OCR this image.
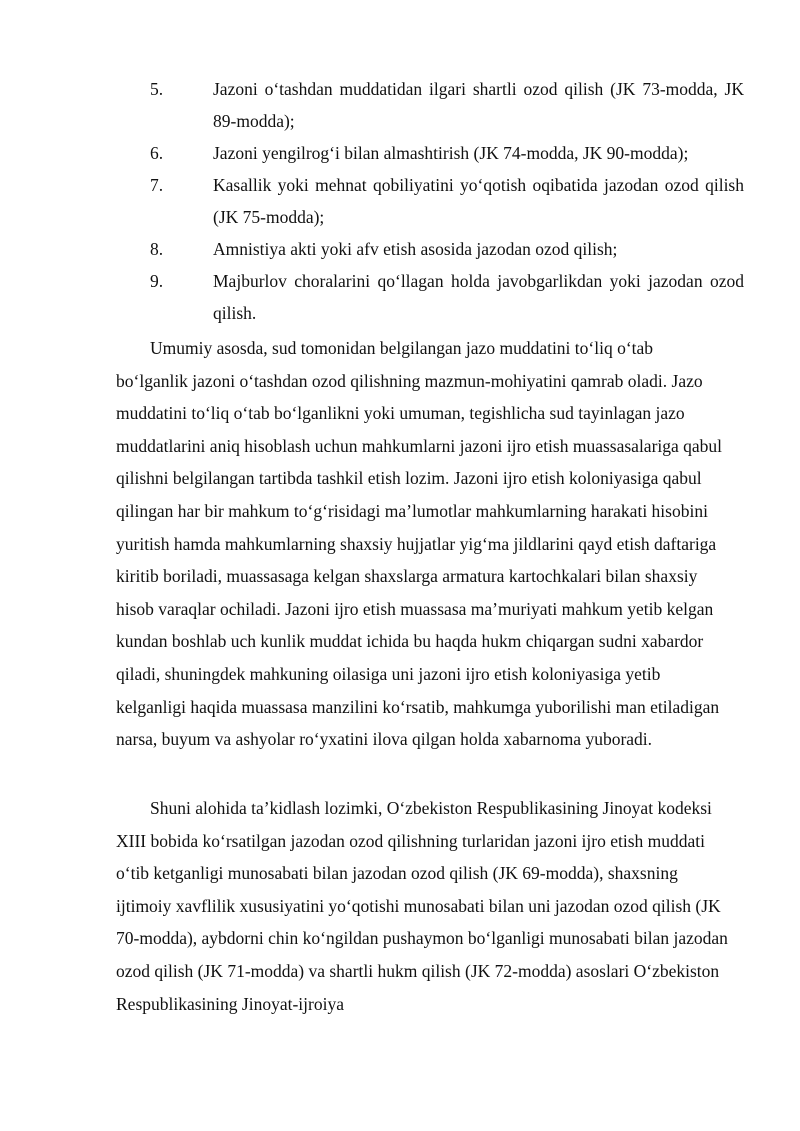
5.	Jazoni o‘tashdan muddatidan ilgari shartli ozod qilish (JK 73-modda, JK 89-modda);
6.	Jazoni yengilrog‘i bilan almashtirish (JK 74-modda, JK 90-modda);
7.	Kasallik yoki mehnat qobiliyatini yo‘qotish oqibatida jazodan ozod qilish (JK 75-modda);
8.	Amnistiya akti yoki afv etish asosida jazodan ozod qilish;
9.	Majburlov choralarini qo‘llagan holda javobgarlikdan yoki jazodan ozod qilish.

Umumiy asosda, sud tomonidan belgilangan jazo muddatini to‘liq o‘tab bo‘lganlik jazoni o‘tashdan ozod qilishning mazmun-mohiyatini qamrab oladi. Jazo muddatini to‘liq o‘tab bo‘lganlikni yoki umuman, tegishlicha sud tayinlagan jazo muddatlarini aniq hisoblash uchun mahkumlarni jazoni ijro etish muassasalariga qabul qilishni belgilangan tartibda tashkil etish lozim. Jazoni ijro etish koloniyasiga qabul qilingan har bir mahkum to‘g‘risidagi ma’lumotlar mahkumlarning harakati hisobini yuritish hamda mahkumlarning shaxsiy hujjatlar yig‘ma jildlarini qayd etish daftariga kiritib boriladi, muassasaga kelgan shaxslarga armatura kartochkalari bilan shaxsiy hisob varaqlar ochiladi. Jazoni ijro etish muassasa ma’muriyati mahkum yetib kelgan kundan boshlab uch kunlik muddat ichida bu haqda hukm chiqargan sudni xabardor qiladi, shuningdek mahkuning oilasiga uni jazoni ijro etish koloniyasiga yetib kelganligi haqida muassasa manzilini ko‘rsatib, mahkumga yuborilishi man etiladigan narsa, buyum va ashyolar ro‘yxatini ilova qilgan holda xabarnoma yuboradi.

Shuni alohida ta’kidlash lozimki, O‘zbekiston Respublikasining Jinoyat kodeksi XIII bobida ko‘rsatilgan jazodan ozod qilishning turlaridan jazoni ijro etish muddati o‘tib ketganligi munosabati bilan jazodan ozod qilish (JK 69-modda), shaxsning ijtimoiy xavflilik xususiyatini yo‘qotishi munosabati bilan uni jazodan ozod qilish (JK 70-modda), aybdorni chin ko‘ngildan pushaymon bo‘lganligi munosabati bilan jazodan ozod qilish (JK 71-modda) va shartli hukm qilish (JK 72-modda) asoslari O‘zbekiston Respublikasining Jinoyat-ijroiya
